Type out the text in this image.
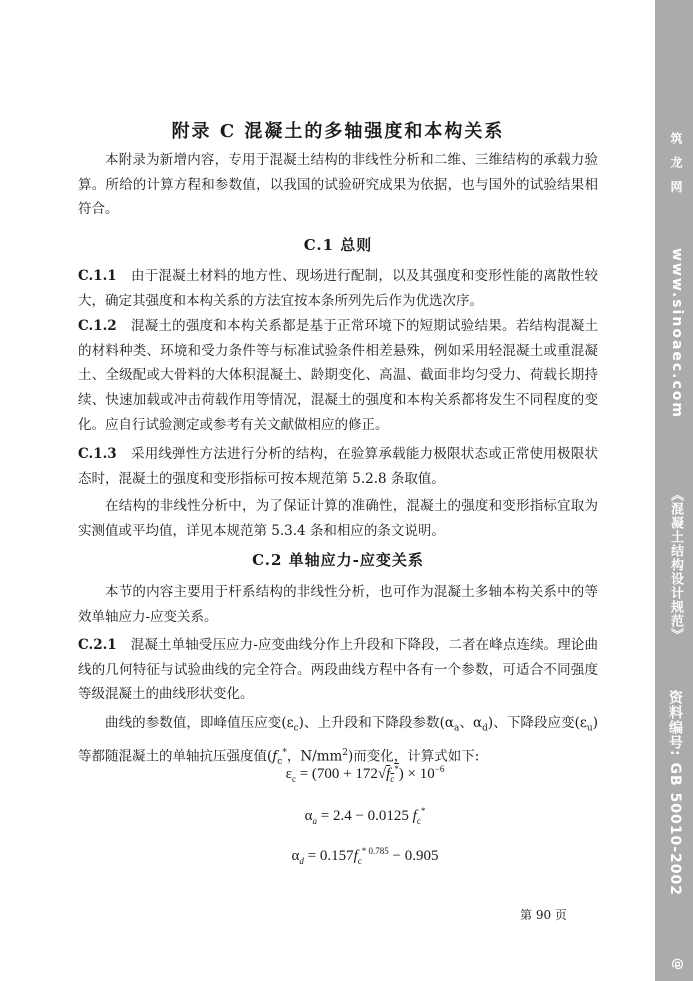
附录 C 混凝土的多轴强度和本构关系

本附录为新增内容，专用于混凝土结构的非线性分析和二维、三维结构的承载力验算。所给的计算方程和参数值，以我国的试验研究成果为依据，也与国外的试验结果相符合。

C.1 总则

C.1.1 由于混凝土材料的地方性、现场进行配制，以及其强度和变形性能的离散性较大，确定其强度和本构关系的方法宜按本条所列先后作为优选次序。

C.1.2 混凝土的强度和本构关系都是基于正常环境下的短期试验结果。若结构混凝土的材料种类、环境和受力条件等与标准试验条件相差悬殊，例如采用轻混凝土或重混凝土、全级配或大骨料的大体积混凝土、龄期变化、高温、截面非均匀受力、荷载长期持续、快速加载或冲击荷载作用等情况，混凝土的强度和本构关系都将发生不同程度的变化。应自行试验测定或参考有关文献做相应的修正。

C.1.3 采用线弹性方法进行分析的结构，在验算承载能力极限状态或正常使用极限状态时，混凝土的强度和变形指标可按本规范第 5.2.8 条取值。

在结构的非线性分析中，为了保证计算的准确性，混凝土的强度和变形指标宜取为实测值或平均值，详见本规范第 5.3.4 条和相应的条文说明。

C.2 单轴应力-应变关系

本节的内容主要用于杆系结构的非线性分析，也可作为混凝土多轴本构关系中的等效单轴应力-应变关系。

C.2.1 混凝土单轴受压应力-应变曲线分作上升段和下降段，二者在峰点连续。理论曲线的几何特征与试验曲线的完全符合。两段曲线方程中各有一个参数，可适合不同强度等级混凝土的曲线形状变化。

曲线的参数值，即峰值压应变$(\varepsilon_c)$、上升段和下降段参数($\alpha_a$、$\alpha_d$)、下降段应变$(\varepsilon_u)$等都随混凝土的单轴抗压强度值($f_c^*$，$N/mm^2$)而变化，计算式如下:

$\varepsilon_c = (700 + 172√f_c^*) \times 10^{-6}$
$\alpha_a = 2.4 - 0.0125$ $f_c^*$
$\alpha_d = 0.157f_c^{* 0.785} - 0.905$
第 90 页
筑 龙 网
www.sinoaec.com
《混凝土结构设计规范》
资料编号: GB 50010-2002
@
